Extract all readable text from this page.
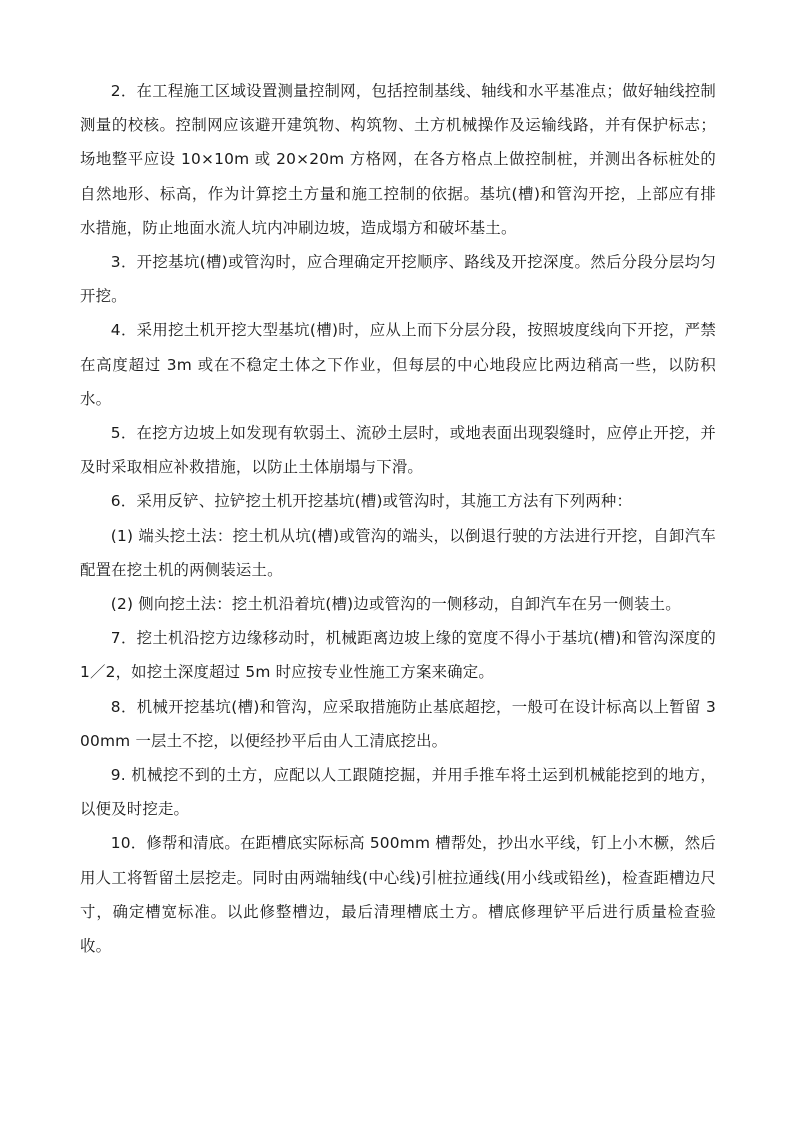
2．在工程施工区域设置测量控制网，包括控制基线、轴线和水平基准点；做好轴线控制测量的校核。控制网应该避开建筑物、构筑物、土方机械操作及运输线路，并有保护标志；场地整平应设 10×10m 或 20×20m 方格网，在各方格点上做控制桩，并测出各标桩处的自然地形、标高，作为计算挖土方量和施工控制的依据。基坑(槽)和管沟开挖，上部应有排水措施，防止地面水流人坑内冲刷边坡，造成塌方和破坏基土。

3．开挖基坑(槽)或管沟时，应合理确定开挖顺序、路线及开挖深度。然后分段分层均匀开挖。

4．采用挖土机开挖大型基坑(槽)时，应从上而下分层分段，按照坡度线向下开挖，严禁在高度超过 3m 或在不稳定土体之下作业，但每层的中心地段应比两边稍高一些，以防积水。

5．在挖方边坡上如发现有软弱土、流砂土层时，或地表面出现裂缝时，应停止开挖，并及时采取相应补救措施，以防止土体崩塌与下滑。

6．采用反铲、拉铲挖土机开挖基坑(槽)或管沟时，其施工方法有下列两种：

(1) 端头挖土法：挖土机从坑(槽)或管沟的端头，以倒退行驶的方法进行开挖，自卸汽车配置在挖土机的两侧装运土。

(2) 侧向挖土法：挖土机沿着坑(槽)边或管沟的一侧移动，自卸汽车在另一侧装土。

7．挖土机沿挖方边缘移动时，机械距离边坡上缘的宽度不得小于基坑(槽)和管沟深度的 1／2，如挖土深度超过 5m 时应按专业性施工方案来确定。

8．机械开挖基坑(槽)和管沟，应采取措施防止基底超挖，一般可在设计标高以上暂留 300mm 一层土不挖，以便经抄平后由人工清底挖出。

9. 机械挖不到的土方，应配以人工跟随挖掘，并用手推车将土运到机械能挖到的地方，以便及时挖走。

10．修帮和清底。在距槽底实际标高 500mm 槽帮处，抄出水平线，钉上小木橛，然后用人工将暂留土层挖走。同时由两端轴线(中心线)引桩拉通线(用小线或铅丝)，检查距槽边尺寸，确定槽宽标准。以此修整槽边，最后清理槽底土方。槽底修理铲平后进行质量检查验收。
